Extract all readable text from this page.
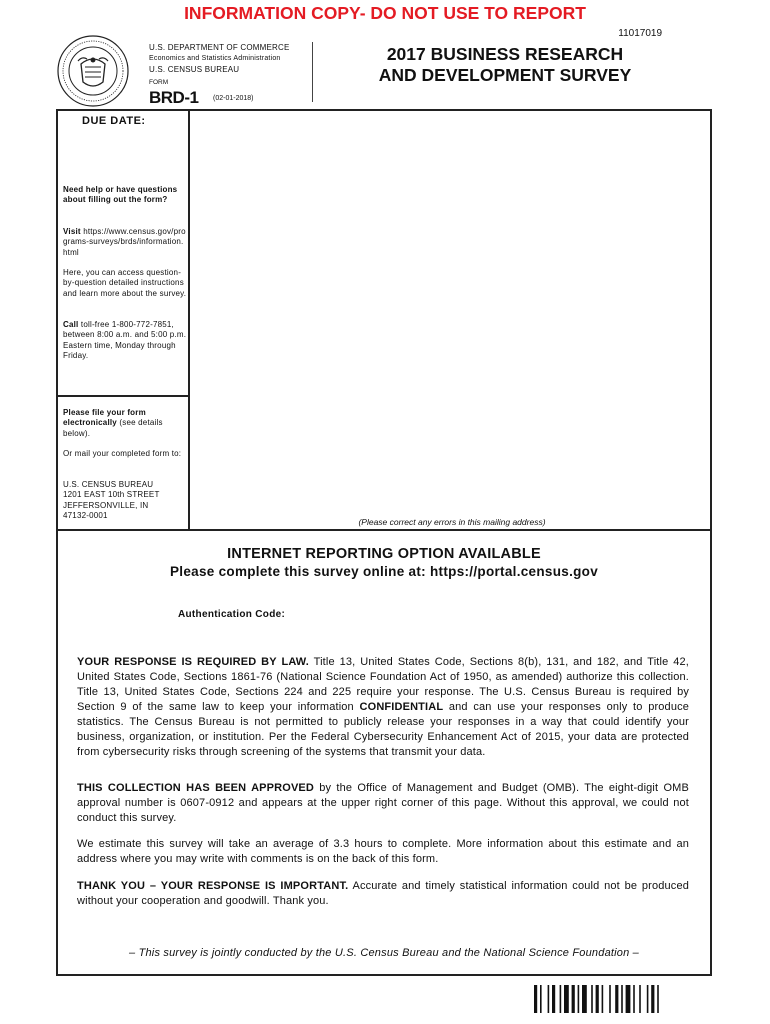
INFORMATION COPY- DO NOT USE TO REPORT
11017019
U.S. DEPARTMENT OF COMMERCE
Economics and Statistics Administration
U.S. CENSUS BUREAU
FORM
BRD-1 (02-01-2018)
2017 BUSINESS RESEARCH
AND DEVELOPMENT SURVEY
DUE DATE:
Need help or have questions about filling out the form?
Visit https://www.census.gov/programs-surveys/brds/information.html
Here, you can access question-by-question detailed instructions and learn more about the survey.
Call toll-free 1-800-772-7851, between 8:00 a.m. and 5:00 p.m. Eastern time, Monday through Friday.
Please file your form electronically (see details below).
Or mail your completed form to:
U.S. CENSUS BUREAU
1201 EAST 10th STREET
JEFFERSONVILLE, IN
47132-0001
(Please correct any errors in this mailing address)
INTERNET REPORTING OPTION AVAILABLE
Please complete this survey online at: https://portal.census.gov
Authentication Code:
YOUR RESPONSE IS REQUIRED BY LAW. Title 13, United States Code, Sections 8(b), 131, and 182, and Title 42, United States Code, Sections 1861-76 (National Science Foundation Act of 1950, as amended) authorize this collection. Title 13, United States Code, Sections 224 and 225 require your response. The U.S. Census Bureau is required by Section 9 of the same law to keep your information CONFIDENTIAL and can use your responses only to produce statistics. The Census Bureau is not permitted to publicly release your responses in a way that could identify your business, organization, or institution. Per the Federal Cybersecurity Enhancement Act of 2015, your data are protected from cybersecurity risks through screening of the systems that transmit your data.
THIS COLLECTION HAS BEEN APPROVED by the Office of Management and Budget (OMB). The eight-digit OMB approval number is 0607-0912 and appears at the upper right corner of this page. Without this approval, we could not conduct this survey.
We estimate this survey will take an average of 3.3 hours to complete. More information about this estimate and an address where you may write with comments is on the back of this form.
THANK YOU – YOUR RESPONSE IS IMPORTANT. Accurate and timely statistical information could not be produced without your cooperation and goodwill. Thank you.
– This survey is jointly conducted by the U.S. Census Bureau and the National Science Foundation –
